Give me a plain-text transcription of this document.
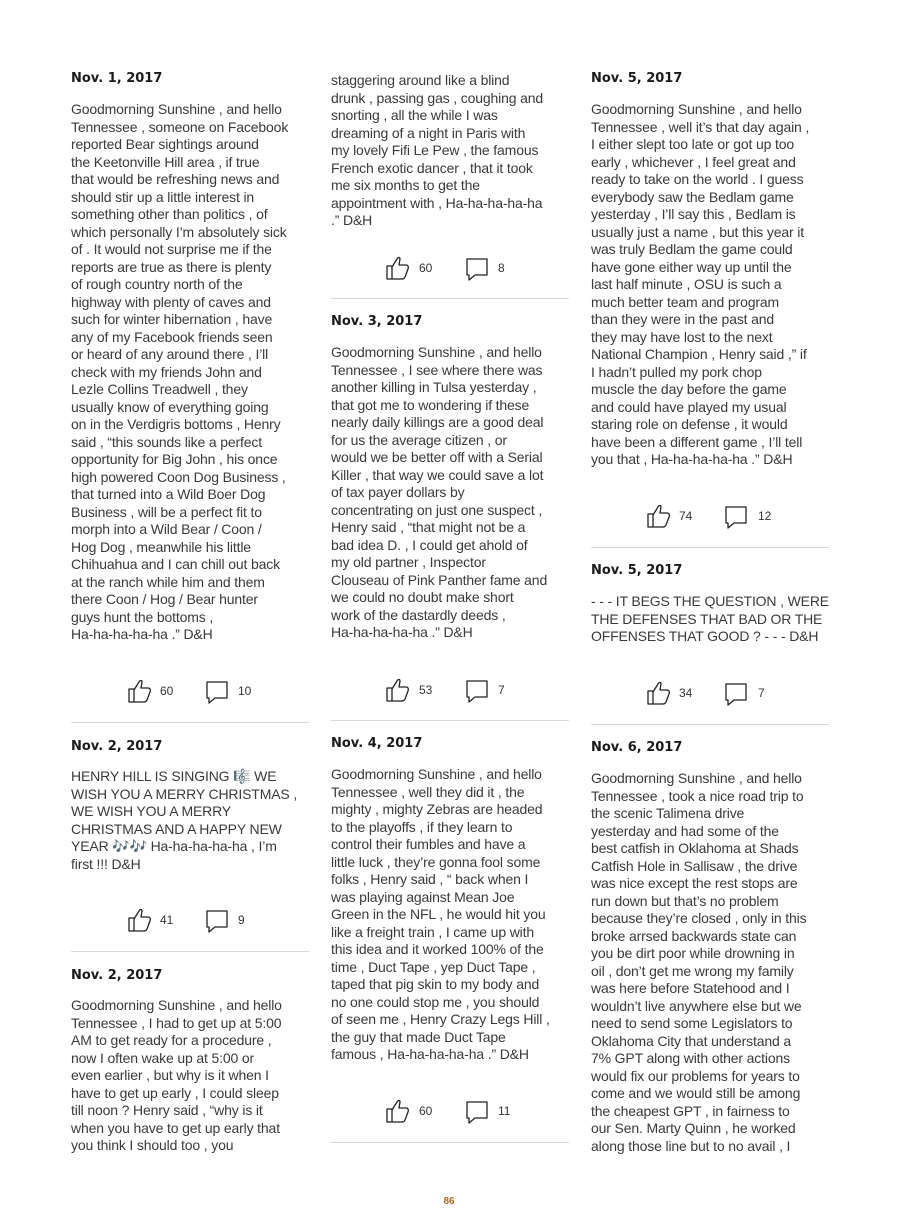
Nov. 1, 2017
Goodmorning Sunshine , and hello
Tennessee , someone on Facebook
reported Bear sightings around
the Keetonville Hill area , if true
that would be refreshing news and
should stir up a little interest in
something other than politics , of
which personally I’m absolutely sick
of . It would not surprise me if the
reports are true as there is plenty
of rough country north of the
highway with plenty of caves and
such for winter hibernation , have
any of my Facebook friends seen
or heard of any around there , I’ll
check with my friends John and
Lezle Collins Treadwell , they
usually know of everything going
on in the Verdigris bottoms , Henry
said , “this sounds like a perfect
opportunity for Big John , his once
high powered Coon Dog Business ,
that turned into a Wild Boer Dog
Business , will be a perfect fit to
morph into a Wild Bear / Coon /
Hog Dog , meanwhile his little
Chihuahua and I can chill out back
at the ranch while him and them
there Coon / Hog / Bear hunter
guys hunt the bottoms ,
Ha-ha-ha-ha-ha .” D&H
60	10
Nov. 2, 2017
HENRY HILL IS SINGING 🎼 WE
WISH YOU A MERRY CHRISTMAS ,
WE WISH YOU A MERRY
CHRISTMAS AND A HAPPY NEW
YEAR 🎶🎶 Ha-ha-ha-ha-ha , I’m
first !!! D&H
41	9
Nov. 2, 2017
Goodmorning Sunshine , and hello
Tennessee , I had to get up at 5:00
AM to get ready for a procedure ,
now I often wake up at 5:00 or
even earlier , but why is it when I
have to get up early , I could sleep
till noon ? Henry said , “why is it
when you have to get up early that
you think I should too , you
staggering around like a blind
drunk , passing gas , coughing and
snorting , all the while I was
dreaming of a night in Paris with
my lovely Fifi Le Pew , the famous
French exotic dancer , that it took
me six months to get the
appointment with , Ha-ha-ha-ha-ha
.” D&H
60	8
Nov. 3, 2017
Goodmorning Sunshine , and hello
Tennessee , I see where there was
another killing in Tulsa yesterday ,
that got me to wondering if these
nearly daily killings are a good deal
for us the average citizen , or
would we be better off with a Serial
Killer , that way we could save a lot
of tax payer dollars by
concentrating on just one suspect ,
Henry said , “that might not be a
bad idea D. , I could get ahold of
my old partner , Inspector
Clouseau of Pink Panther fame and
we could no doubt make short
work of the dastardly deeds ,
Ha-ha-ha-ha-ha .” D&H
53	7
Nov. 4, 2017
Goodmorning Sunshine , and hello
Tennessee , well they did it , the
mighty , mighty Zebras are headed
to the playoffs , if they learn to
control their fumbles and have a
little luck , they’re gonna fool some
folks , Henry said , “ back when I
was playing against Mean Joe
Green in the NFL , he would hit you
like a freight train , I came up with
this idea and it worked 100% of the
time , Duct Tape , yep Duct Tape ,
taped that pig skin to my body and
no one could stop me , you should
of seen me , Henry Crazy Legs Hill ,
the guy that made Duct Tape
famous , Ha-ha-ha-ha-ha .” D&H
60	11
Nov. 5, 2017
Goodmorning Sunshine , and hello
Tennessee , well it’s that day again ,
I either slept too late or got up too
early , whichever , I feel great and
ready to take on the world . I guess
everybody saw the Bedlam game
yesterday , I’ll say this , Bedlam is
usually just a name , but this year it
was truly Bedlam the game could
have gone either way up until the
last half minute , OSU is such a
much better team and program
than they were in the past and
they may have lost to the next
National Champion , Henry said ,” if
I hadn’t pulled my pork chop
muscle the day before the game
and could have played my usual
staring role on defense , it would
have been a different game , I’ll tell
you that , Ha-ha-ha-ha-ha .” D&H
74	12
Nov. 5, 2017
- - - IT BEGS THE QUESTION , WERE
THE DEFENSES THAT BAD OR THE
OFFENSES THAT GOOD ? - - - D&H
34	7
Nov. 6, 2017
Goodmorning Sunshine , and hello
Tennessee , took a nice road trip to
the scenic Talimena drive
yesterday and had some of the
best catfish in Oklahoma at Shads
Catfish Hole in Sallisaw , the drive
was nice except the rest stops are
run down but that’s no problem
because they’re closed , only in this
broke arrsed backwards state can
you be dirt poor while drowning in
oil , don’t get me wrong my family
was here before Statehood and I
wouldn’t live anywhere else but we
need to send some Legislators to
Oklahoma City that understand a
7% GPT along with other actions
would fix our problems for years to
come and we would still be among
the cheapest GPT , in fairness to
our Sen. Marty Quinn , he worked
along those line but to no avail , I
86
